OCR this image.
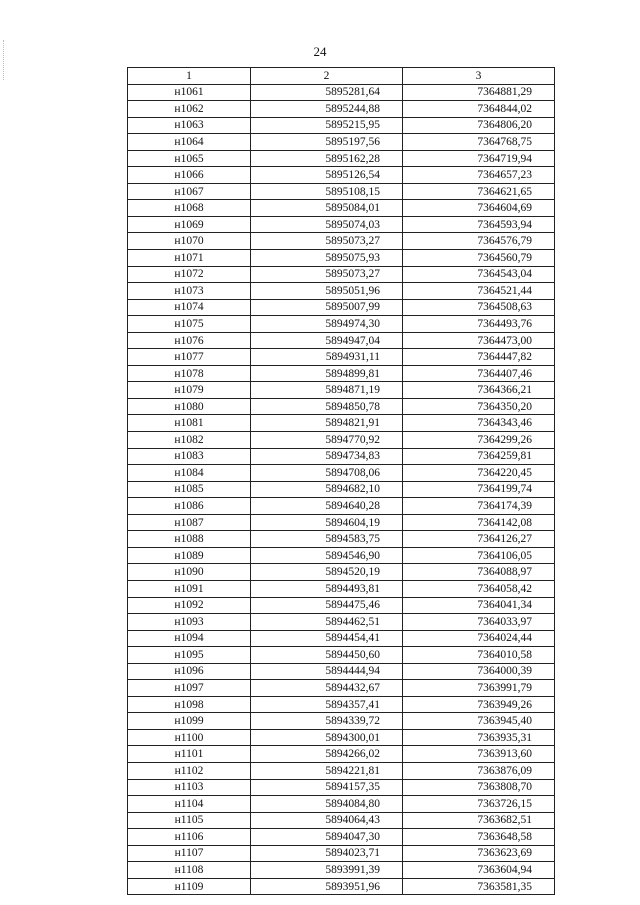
24
1	2	3
н1061	5895281,64	7364881,29
н1062	5895244,88	7364844,02
н1063	5895215,95	7364806,20
н1064	5895197,56	7364768,75
н1065	5895162,28	7364719,94
н1066	5895126,54	7364657,23
н1067	5895108,15	7364621,65
н1068	5895084,01	7364604,69
н1069	5895074,03	7364593,94
н1070	5895073,27	7364576,79
н1071	5895075,93	7364560,79
н1072	5895073,27	7364543,04
н1073	5895051,96	7364521,44
н1074	5895007,99	7364508,63
н1075	5894974,30	7364493,76
н1076	5894947,04	7364473,00
н1077	5894931,11	7364447,82
н1078	5894899,81	7364407,46
н1079	5894871,19	7364366,21
н1080	5894850,78	7364350,20
н1081	5894821,91	7364343,46
н1082	5894770,92	7364299,26
н1083	5894734,83	7364259,81
н1084	5894708,06	7364220,45
н1085	5894682,10	7364199,74
н1086	5894640,28	7364174,39
н1087	5894604,19	7364142,08
н1088	5894583,75	7364126,27
н1089	5894546,90	7364106,05
н1090	5894520,19	7364088,97
н1091	5894493,81	7364058,42
н1092	5894475,46	7364041,34
н1093	5894462,51	7364033,97
н1094	5894454,41	7364024,44
н1095	5894450,60	7364010,58
н1096	5894444,94	7364000,39
н1097	5894432,67	7363991,79
н1098	5894357,41	7363949,26
н1099	5894339,72	7363945,40
н1100	5894300,01	7363935,31
н1101	5894266,02	7363913,60
н1102	5894221,81	7363876,09
н1103	5894157,35	7363808,70
н1104	5894084,80	7363726,15
н1105	5894064,43	7363682,51
н1106	5894047,30	7363648,58
н1107	5894023,71	7363623,69
н1108	5893991,39	7363604,94
н1109	5893951,96	7363581,35
